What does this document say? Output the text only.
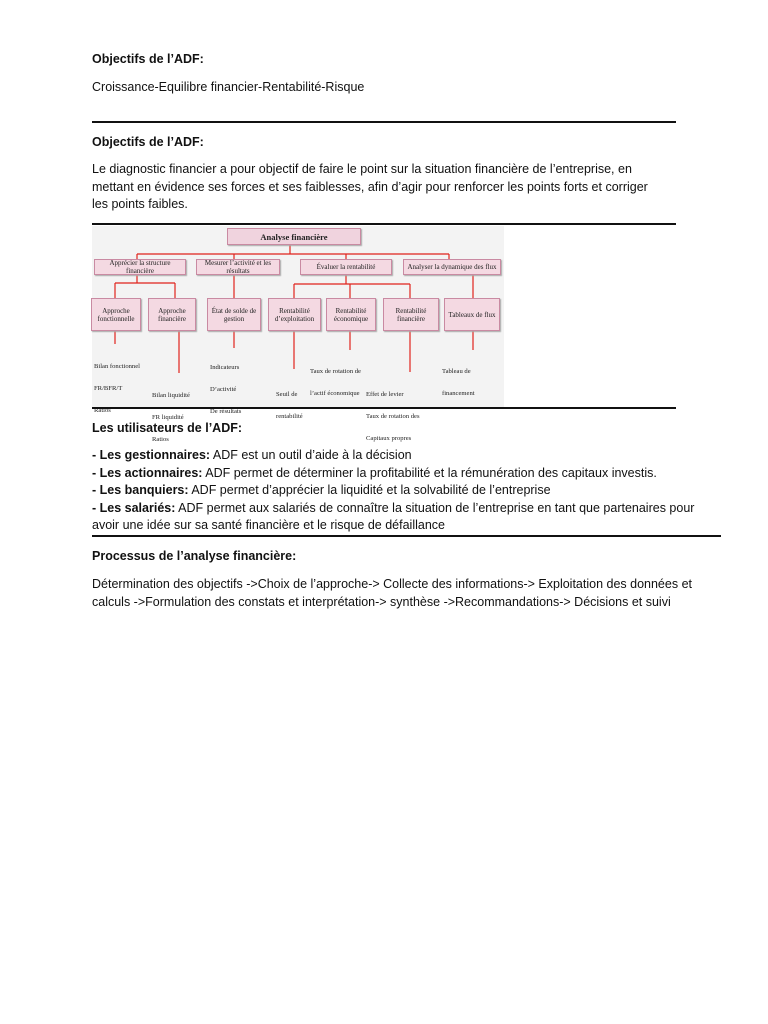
Objectifs de l’ADF:
Croissance-Equilibre financier-Rentabilité-Risque
Objectifs de l’ADF:
Le diagnostic financier a pour objectif de faire le point sur la situation financière de l’entreprise, en
mettant en évidence ses forces et ses faiblesses, afin d’agir pour renforcer les points forts et corriger
les points faibles.
Analyse financière
Apprécier la structure financière
Mesurer l’activité et les résultats	Évaluer la rentabilité	Analyser la dynamique des flux
Approche fonctionnelle
Approche financière
État de solde de gestion
Rentabilité d’exploitation
Rentabilité économique
Rentabilité financière	Tableaux de flux

Bilan fonctionnel

FR/BFR/T

Ratios

Bilan liquidité

FR liquidité

Ratios

Indicateurs

D’activité

De résultats

Seuil de

rentabilité

Taux de rotation de

l’actif économique

Effet de levier

Taux de rotation des

Capitaux propres

Tableau de

financement

Les utilisateurs de l’ADF:
- Les gestionnaires: ADF est un outil d’aide à la décision
- Les actionnaires: ADF permet de déterminer la profitabilité et la rémunération des capitaux investis.
- Les banquiers: ADF permet d’apprécier la liquidité et la solvabilité de l’entreprise
- Les salariés: ADF permet aux salariés de connaître la situation de l’entreprise en tant que partenaires pour
avoir une idée sur sa santé financière et le risque de défaillance
Processus de l’analyse financière:
Détermination des objectifs ->Choix de l’approche-> Collecte des informations-> Exploitation des données et
calculs ->Formulation des constats et interprétation-> synthèse ->Recommandations-> Décisions et suivi
